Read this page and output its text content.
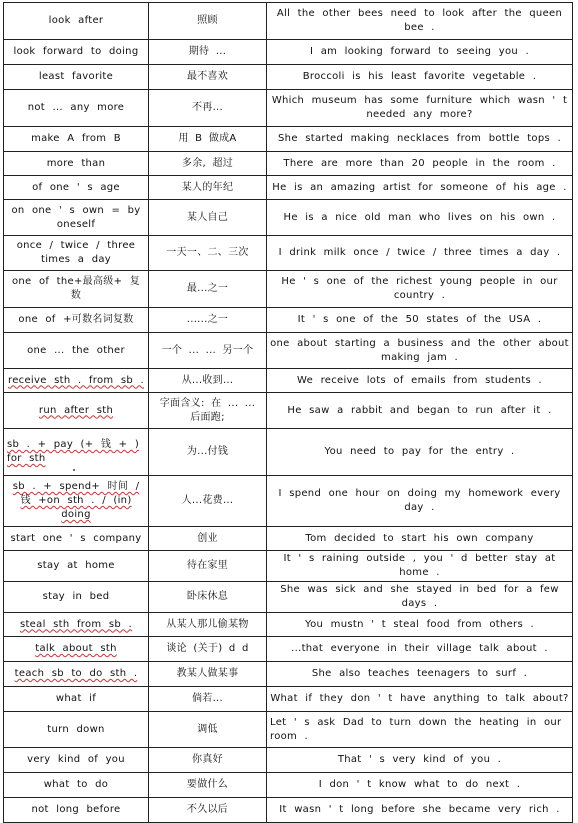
look after	照顾	All the other bees need to look after the queen bee .
look forward to doing	期待 ...	I am looking forward to seeing you .
least favorite	最不喜欢	Broccoli is his least favorite vegetable .
not ... any more	不再...	Which museum has some furniture which wasn ' t needed any more?
make A from B	用 B 做成A	She started making necklaces from bottle tops .
more than	多余, 超过	There are more than 20 people in the room .
of one ' s age	某人的年纪	He is an amazing artist for someone of his age .
on one ' s own = by oneself	某人自己	He is a nice old man who lives on his own .
once / twice / three times a day	一天一、二、三次	I drink milk once / twice / three times a day .
one of the+最高级+ 复数	最...之一	He ' s one of the richest young people in our country .
one of +可数名词复数	......之一	It ' s one of the 50 states of the USA .
one ... the other	一个 ... ... 另一个	one about starting a business and the other about making jam .
receive sth . from sb .	从...收到...	We receive lots of emails from students .
run after sth	字面含义: 在 ... ... 后面跑;	He saw a rabbit and began to run after it .
sb . + pay (+ 钱 + ) for sth	为...付钱	You need to pay for the entry .
sb . + spend+ 时间 / 钱 +on sth . / (in) doing	人...花费...	I spend one hour on doing my homework every day .
start one ' s company	创业	Tom decided to start his own company
stay at home	待在家里	It ' s raining outside , you ' d better stay at home .
stay in bed	卧床休息	She was sick and she stayed in bed for a few days .
steal sth from sb .	从某人那儿偷某物	You mustn ' t steal food from others .
talk about sth	谈论 (关于) d d	...that everyone in their village talk about .
teach sb to do sth .	教某人做某事	She also teaches teenagers to surf .
what if	倘若...	What if they don ' t have anything to talk about?
turn down	调低	Let ' s ask Dad to turn down the heating in our room .
very kind of you	你真好	That ' s very kind of you .
what to do	要做什么	I don ' t know what to do next .
not long before	不久以后	It wasn ' t long before she became very rich .
